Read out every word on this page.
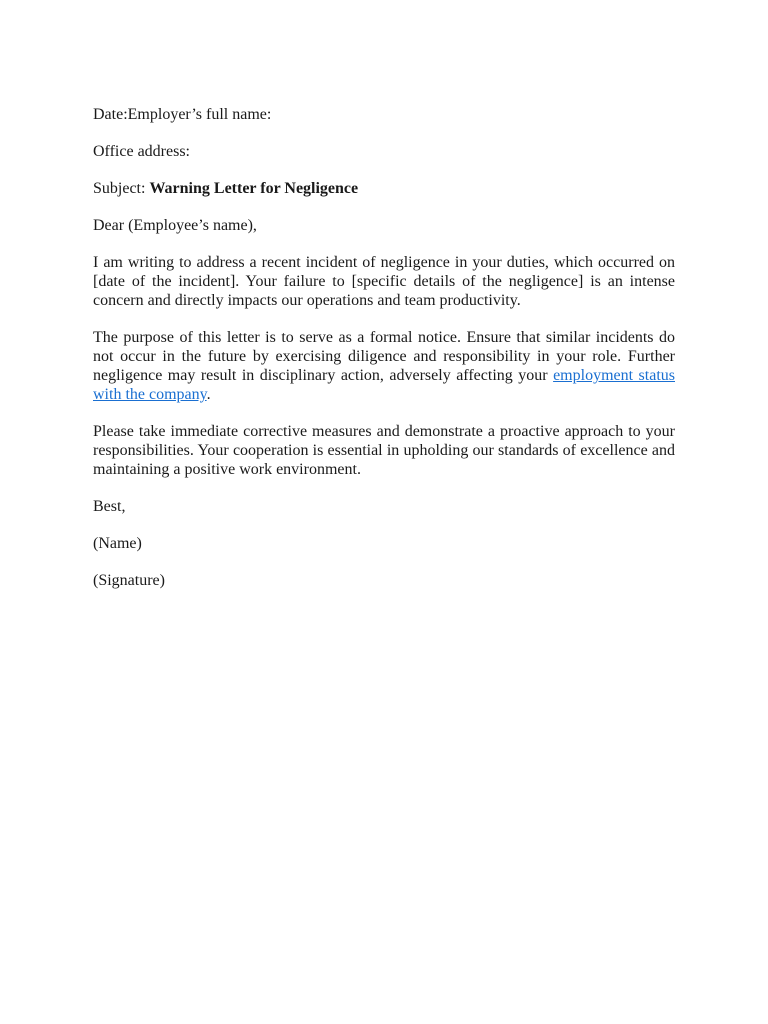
Date:Employer’s full name:

Office address:

Subject: Warning Letter for Negligence

Dear (Employee’s name),

I am writing to address a recent incident of negligence in your duties, which occurred on [date of the incident]. Your failure to [specific details of the negligence] is an intense concern and directly impacts our operations and team productivity.

The purpose of this letter is to serve as a formal notice. Ensure that similar incidents do not occur in the future by exercising diligence and responsibility in your role. Further negligence may result in disciplinary action, adversely affecting your employment status with the company.

Please take immediate corrective measures and demonstrate a proactive approach to your responsibilities. Your cooperation is essential in upholding our standards of excellence and maintaining a positive work environment.

Best,

(Name)

(Signature)
